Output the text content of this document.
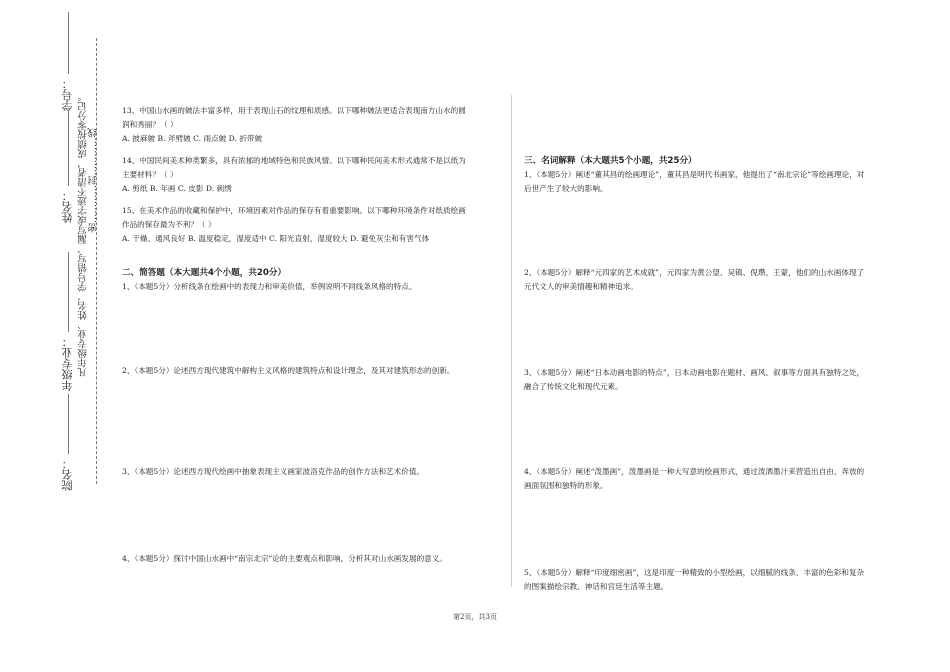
学号：
姓名：
年级专业：
院名：
凡年级专业、姓名、学号错写、漏写或字迹不清者，成绩按零分记。 密…………封…………线

13、中国山水画的皴法丰富多样，用于表现山石的纹理和质感。以下哪种皴法更适合表现南方山水的圆润和秀丽？（ ）

A. 披麻皴 B. 斧劈皴 C. 雨点皴 D. 折带皴

14、中国民间美术种类繁多，具有浓郁的地域特色和民族风情。以下哪种民间美术形式通常不是以纸为主要材料？（ ）

A. 剪纸 B. 年画 C. 皮影 D. 刺绣

15、在美术作品的收藏和保护中，环境因素对作品的保存有着重要影响。以下哪种环境条件对纸质绘画作品的保存最为不利？（ ）

A. 干燥、通风良好 B. 温度稳定，湿度适中 C. 阳光直射，湿度较大 D. 避免灰尘和有害气体

二、简答题（本大题共4个小题，共20分）
1、（本题5分）分析线条在绘画中的表现力和审美价值，举例说明不同线条风格的特点。
2、（本题5分）论述西方现代建筑中解构主义风格的建筑特点和设计理念，及其对建筑形态的创新。
3、（本题5分）论述西方现代绘画中抽象表现主义画家波洛克作品的创作方法和艺术价值。
4、（本题5分）探讨中国山水画中“南宗北宗”论的主要观点和影响，分析其对山水画发展的意义。
三、名词解释（本大题共5个小题，共25分）
1、（本题5分）阐述“董其昌的绘画理论”，董其昌是明代书画家，他提出了“南北宗论”等绘画理论，对后世产生了较大的影响。
2、（本题5分）解释“元四家的艺术成就”，元四家为黄公望、吴镇、倪瓒、王蒙，他们的山水画体现了元代文人的审美情趣和精神追求。
3、（本题5分）阐述“日本动画电影的特点”，日本动画电影在题材、画风、叙事等方面具有独特之处，融合了传统文化和现代元素。
4、（本题5分）阐述“泼墨画”，泼墨画是一种大写意的绘画形式，通过泼洒墨汁来营造出自由、奔放的画面氛围和独特的形象。
5、（本题5分）解释“印度细密画”，这是印度一种精致的小型绘画，以细腻的线条、丰富的色彩和复杂的图案描绘宗教、神话和宫廷生活等主题。
第2页，共3页
